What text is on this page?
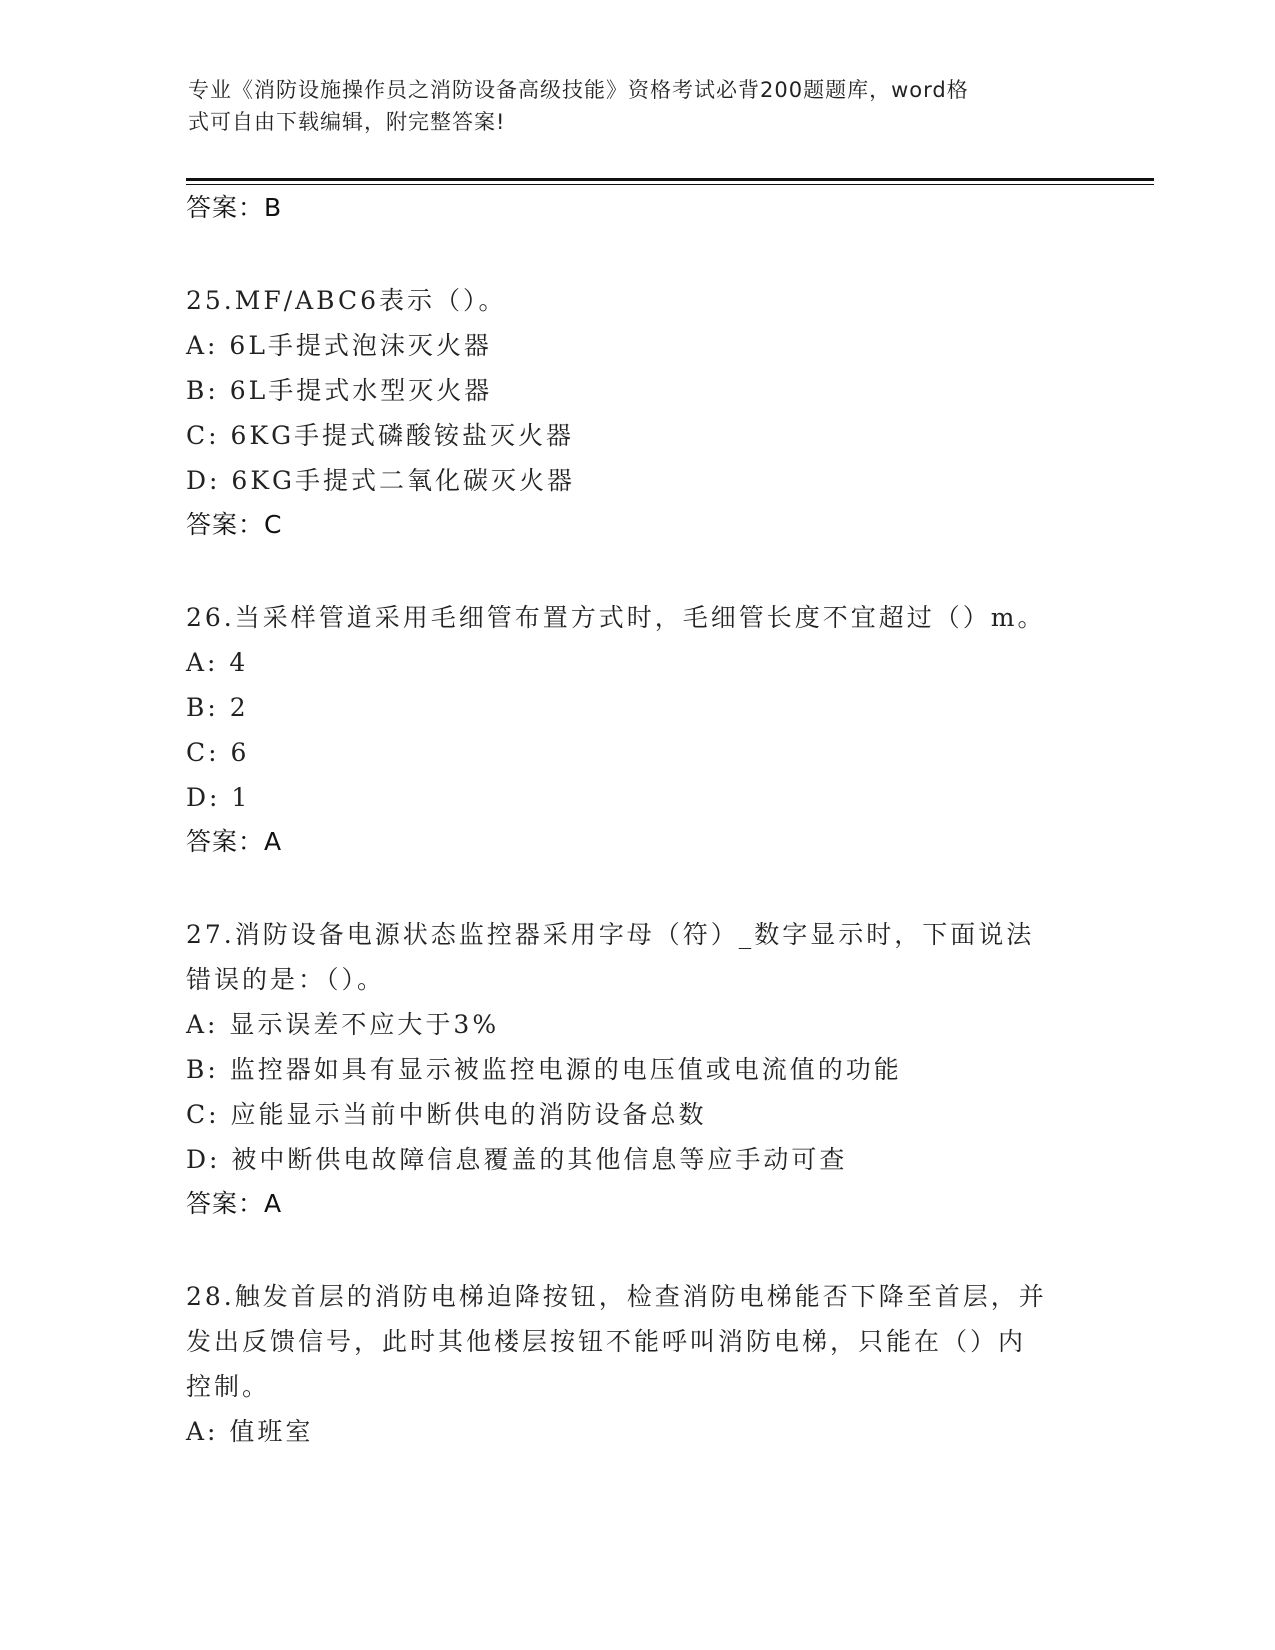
专业《消防设施操作员之消防设备高级技能》资格考试必背200题题库，word格
式可自由下载编辑，附完整答案!
答案：B
25.MF/ABC6表示（）。
A: 6L手提式泡沫灭火器
B: 6L手提式水型灭火器
C: 6KG手提式磷酸铵盐灭火器
D: 6KG手提式二氧化碳灭火器
答案：C
26.当采样管道采用毛细管布置方式时，毛细管长度不宜超过（）m。
A: 4
B: 2
C: 6
D: 1
答案：A
27.消防设备电源状态监控器采用字母（符）_数字显示时，下面说法
错误的是：（）。
A: 显示误差不应大于3%
B: 监控器如具有显示被监控电源的电压值或电流值的功能
C: 应能显示当前中断供电的消防设备总数
D: 被中断供电故障信息覆盖的其他信息等应手动可查
答案：A
28.触发首层的消防电梯迫降按钮，检查消防电梯能否下降至首层，并
发出反馈信号，此时其他楼层按钮不能呼叫消防电梯，只能在（）内
控制。
A: 值班室
